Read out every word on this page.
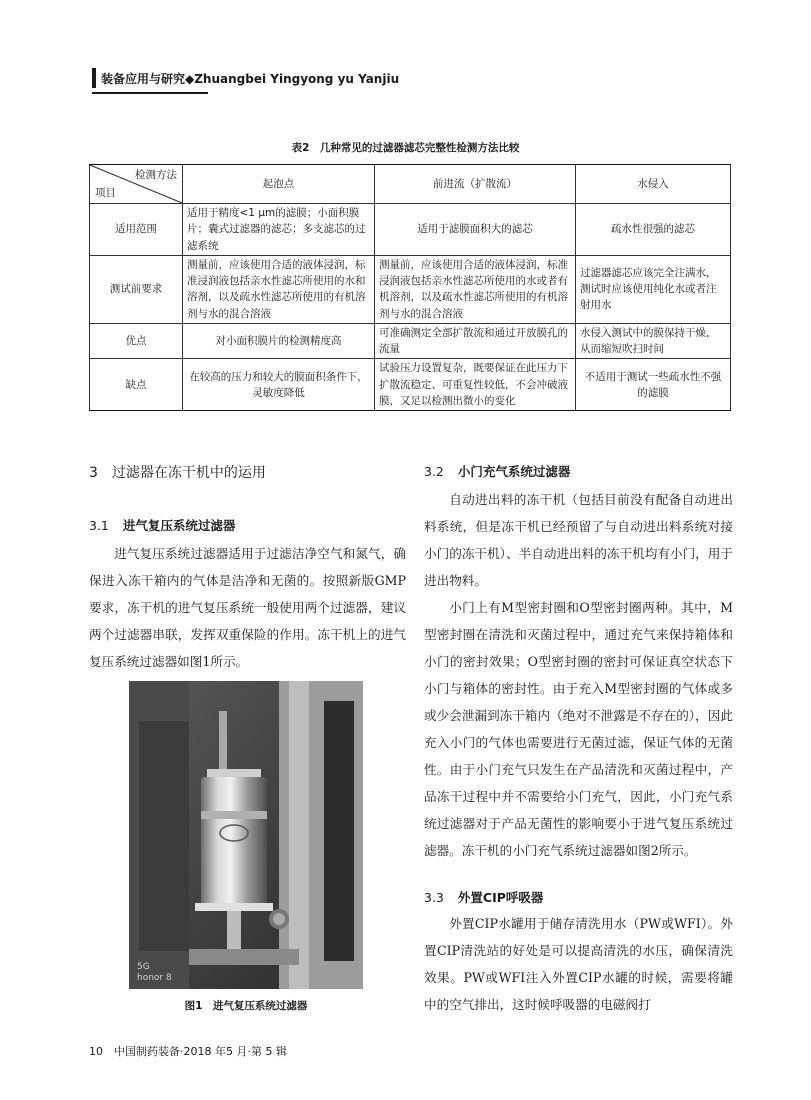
装备应用与研究◆Zhuangbei Yingyong yu Yanjiu
表2　几种常见的过滤器滤芯完整性检测方法比较
检测方法
项目	起泡点	前进流（扩散流）	水侵入
适用范围	适用于精度<1 μm的滤膜；小面积膜片；囊式过滤器的滤芯；多支滤芯的过滤系统	适用于滤膜面积大的滤芯	疏水性很强的滤芯
测试前要求	测量前，应该使用合适的液体浸润，标准浸润液包括亲水性滤芯所使用的水和溶剂，以及疏水性滤芯所使用的有机溶剂与水的混合溶液	测量前，应该使用合适的液体浸润，标准浸润液包括亲水性滤芯所使用的水或者有机溶剂，以及疏水性滤芯所使用的有机溶剂与水的混合溶液	过滤器滤芯应该完全注满水，测试时应该使用纯化水或者注射用水
优点	对小面积膜片的检测精度高	可准确测定全部扩散流和通过开放膜孔的流量	水侵入测试中的膜保持干燥，从而缩短吹扫时间
缺点	在较高的压力和较大的膜面积条件下，灵敏度降低	试验压力设置复杂，既要保证在此压力下扩散流稳定、可重复性较低，不会冲破液膜，又足以检测出微小的变化	不适用于测试一些疏水性不强的滤膜
3　过滤器在冻干机中的运用
3.1 进气复压系统过滤器
进气复压系统过滤器适用于过滤洁净空气和氮气，确保进入冻干箱内的气体是洁净和无菌的。按照新版GMP要求，冻干机的进气复压系统一般使用两个过滤器，建议两个过滤器串联，发挥双重保险的作用。冻干机上的进气复压系统过滤器如图1所示。
5G
honor 8
图1　进气复压系统过滤器
3.2 小门充气系统过滤器
自动进出料的冻干机（包括目前没有配备自动进出料系统，但是冻干机已经预留了与自动进出料系统对接小门的冻干机）、半自动进出料的冻干机均有小门，用于进出物料。
小门上有M型密封圈和O型密封圈两种。其中，M型密封圈在清洗和灭菌过程中，通过充气来保持箱体和小门的密封效果；O型密封圈的密封可保证真空状态下小门与箱体的密封性。由于充入M型密封圈的气体或多或少会泄漏到冻干箱内（绝对不泄露是不存在的），因此充入小门的气体也需要进行无菌过滤，保证气体的无菌性。由于小门充气只发生在产品清洗和灭菌过程中，产品冻干过程中并不需要给小门充气，因此，小门充气系统过滤器对于产品无菌性的影响要小于进气复压系统过滤器。冻干机的小门充气系统过滤器如图2所示。
3.3 外置CIP呼吸器
外置CIP水罐用于储存清洗用水（PW或WFI）。外置CIP清洗站的好处是可以提高清洗的水压，确保清洗效果。PW或WFI注入外置CIP水罐的时候，需要将罐中的空气排出，这时候呼吸器的电磁阀打
10　中国制药装备·2018 年5 月·第 5 辑
